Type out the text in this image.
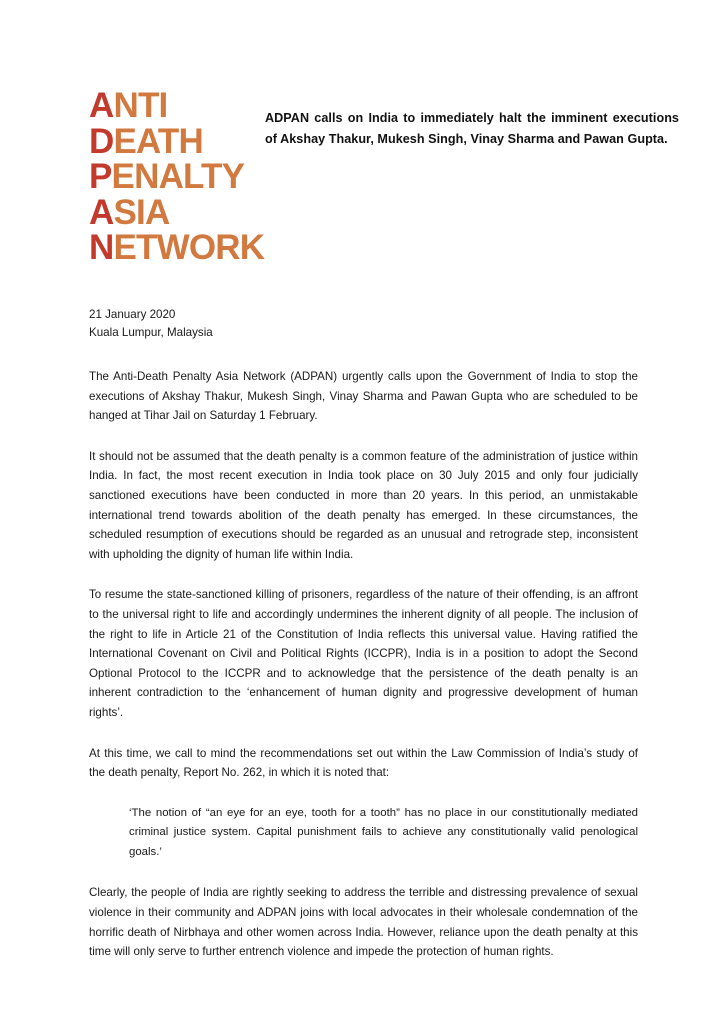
ANTI
DEATH
PENALTY
ASIA
NETWORK
ADPAN calls on India to immediately halt the imminent executions of Akshay Thakur, Mukesh Singh, Vinay Sharma and Pawan Gupta.
21 January 2020
Kuala Lumpur, Malaysia

The Anti-Death Penalty Asia Network (ADPAN) urgently calls upon the Government of India to stop the executions of Akshay Thakur, Mukesh Singh, Vinay Sharma and Pawan Gupta who are scheduled to be hanged at Tihar Jail on Saturday 1 February.

It should not be assumed that the death penalty is a common feature of the administration of justice within India. In fact, the most recent execution in India took place on 30 July 2015 and only four judicially sanctioned executions have been conducted in more than 20 years. In this period, an unmistakable international trend towards abolition of the death penalty has emerged. In these circumstances, the scheduled resumption of executions should be regarded as an unusual and retrograde step, inconsistent with upholding the dignity of human life within India.

To resume the state-sanctioned killing of prisoners, regardless of the nature of their offending, is an affront to the universal right to life and accordingly undermines the inherent dignity of all people. The inclusion of the right to life in Article 21 of the Constitution of India reflects this universal value. Having ratified the International Covenant on Civil and Political Rights (ICCPR), India is in a position to adopt the Second Optional Protocol to the ICCPR and to acknowledge that the persistence of the death penalty is an inherent contradiction to the ‘enhancement of human dignity and progressive development of human rights’.

At this time, we call to mind the recommendations set out within the Law Commission of India’s study of the death penalty, Report No. 262, in which it is noted that:

‘The notion of “an eye for an eye, tooth for a tooth” has no place in our constitutionally mediated criminal justice system. Capital punishment fails to achieve any constitutionally valid penological goals.’

Clearly, the people of India are rightly seeking to address the terrible and distressing prevalence of sexual violence in their community and ADPAN joins with local advocates in their wholesale condemnation of the horrific death of Nirbhaya and other women across India. However, reliance upon the death penalty at this time will only serve to further entrench violence and impede the protection of human rights.
